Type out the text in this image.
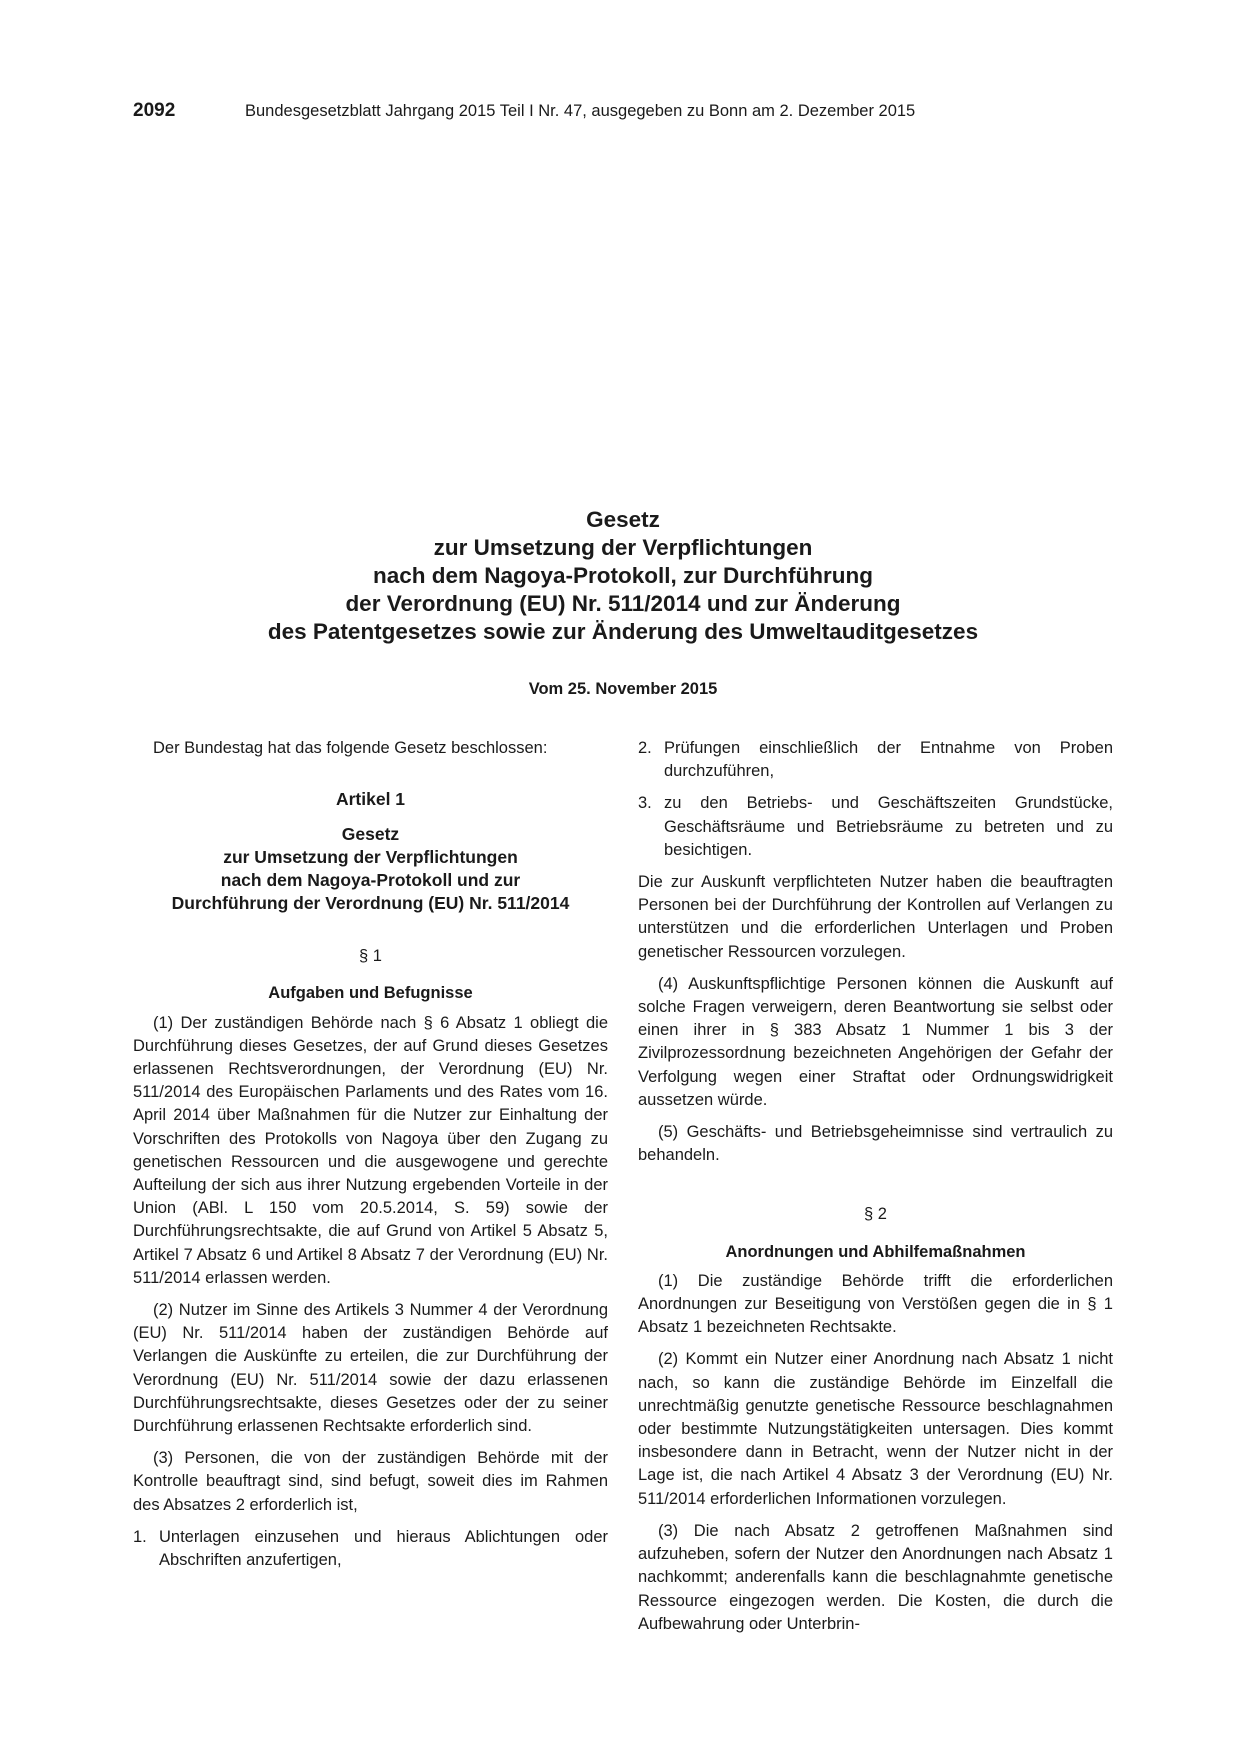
2092	Bundesgesetzblatt Jahrgang 2015 Teil I Nr. 47, ausgegeben zu Bonn am 2. Dezember 2015
Gesetz
zur Umsetzung der Verpflichtungen
nach dem Nagoya-Protokoll, zur Durchführung
der Verordnung (EU) Nr. 511/2014 und zur Änderung
des Patentgesetzes sowie zur Änderung des Umweltauditgesetzes
Vom 25. November 2015

Der Bundestag hat das folgende Gesetz beschlossen:

Artikel 1
Gesetz
zur Umsetzung der Verpflichtungen
nach dem Nagoya-Protokoll und zur
Durchführung der Verordnung (EU) Nr. 511/2014
§ 1
Aufgaben und Befugnisse

(1) Der zuständigen Behörde nach § 6 Absatz 1 obliegt die Durchführung dieses Gesetzes, der auf Grund dieses Gesetzes erlassenen Rechtsverordnungen, der Verordnung (EU) Nr. 511/2014 des Europäischen Parlaments und des Rates vom 16. April 2014 über Maßnahmen für die Nutzer zur Einhaltung der Vorschriften des Protokolls von Nagoya über den Zugang zu genetischen Ressourcen und die ausgewogene und gerechte Aufteilung der sich aus ihrer Nutzung ergebenden Vorteile in der Union (ABl. L 150 vom 20.5.2014, S. 59) sowie der Durchführungsrechtsakte, die auf Grund von Artikel 5 Absatz 5, Artikel 7 Absatz 6 und Artikel 8 Absatz 7 der Verordnung (EU) Nr. 511/2014 erlassen werden.

(2) Nutzer im Sinne des Artikels 3 Nummer 4 der Verordnung (EU) Nr. 511/2014 haben der zuständigen Behörde auf Verlangen die Auskünfte zu erteilen, die zur Durchführung der Verordnung (EU) Nr. 511/2014 sowie der dazu erlassenen Durchführungsrechtsakte, dieses Gesetzes oder der zu seiner Durchführung erlassenen Rechtsakte erforderlich sind.

(3) Personen, die von der zuständigen Behörde mit der Kontrolle beauftragt sind, sind befugt, soweit dies im Rahmen des Absatzes 2 erforderlich ist,

1. Unterlagen einzusehen und hieraus Ablichtungen oder Abschriften anzufertigen,
2. Prüfungen einschließlich der Entnahme von Proben durchzuführen,
3. zu den Betriebs- und Geschäftszeiten Grundstücke, Geschäftsräume und Betriebsräume zu betreten und zu besichtigen.

Die zur Auskunft verpflichteten Nutzer haben die beauftragten Personen bei der Durchführung der Kontrollen auf Verlangen zu unterstützen und die erforderlichen Unterlagen und Proben genetischer Ressourcen vorzulegen.

(4) Auskunftspflichtige Personen können die Auskunft auf solche Fragen verweigern, deren Beantwortung sie selbst oder einen ihrer in § 383 Absatz 1 Nummer 1 bis 3 der Zivilprozessordnung bezeichneten Angehörigen der Gefahr der Verfolgung wegen einer Straftat oder Ordnungswidrigkeit aussetzen würde.

(5) Geschäfts- und Betriebsgeheimnisse sind vertraulich zu behandeln.

§ 2
Anordnungen und Abhilfemaßnahmen

(1) Die zuständige Behörde trifft die erforderlichen Anordnungen zur Beseitigung von Verstößen gegen die in § 1 Absatz 1 bezeichneten Rechtsakte.

(2) Kommt ein Nutzer einer Anordnung nach Absatz 1 nicht nach, so kann die zuständige Behörde im Einzelfall die unrechtmäßig genutzte genetische Ressource beschlagnahmen oder bestimmte Nutzungstätigkeiten untersagen. Dies kommt insbesondere dann in Betracht, wenn der Nutzer nicht in der Lage ist, die nach Artikel 4 Absatz 3 der Verordnung (EU) Nr. 511/2014 erforderlichen Informationen vorzulegen.

(3) Die nach Absatz 2 getroffenen Maßnahmen sind aufzuheben, sofern der Nutzer den Anordnungen nach Absatz 1 nachkommt; anderenfalls kann die beschlagnahmte genetische Ressource eingezogen werden. Die Kosten, die durch die Aufbewahrung oder Unterbrin-
